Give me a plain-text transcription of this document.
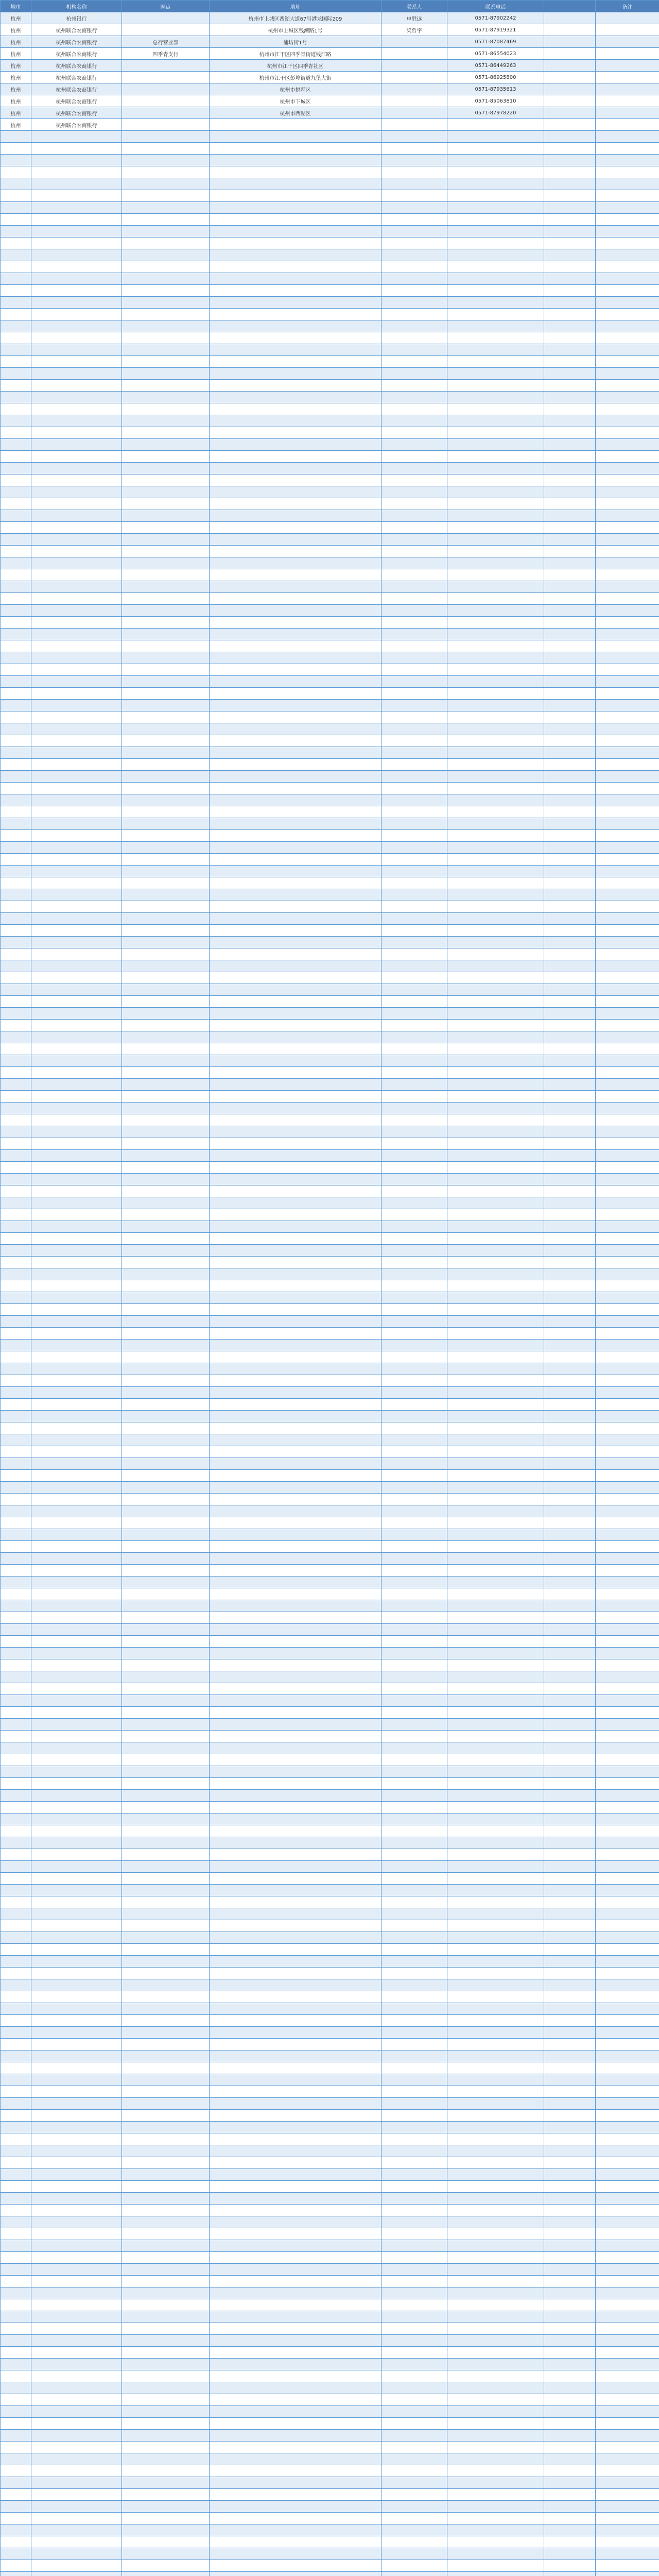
地市	机构名称	网点	地址	联系人	联系电话		备注
杭州	杭州银行		杭州市上城区西湖大道67号港龙国际209	申胜远	0571-87902242		
杭州	杭州联合农商银行		杭州市上城区钱潮路1号	梁哲宇	0571-87919321		
杭州	杭州联合农商银行	总行营业部	浦坊街1号		0571-87087469		
杭州	杭州联合农商银行	四季青支行	杭州市江干区四季青街道钱江路		0571-86554023		
杭州	杭州联合农商银行		杭州市江干区四季青社区		0571-86449263		
杭州	杭州联合农商银行		杭州市江干区彭埠街道九堡大街		0571-86925800		
杭州	杭州联合农商银行		杭州市拱墅区		0571-87935613		
杭州	杭州联合农商银行		杭州市下城区		0571-85063810		
杭州	杭州联合农商银行		杭州市西湖区		0571-87978220		
杭州	杭州联合农商银行						
